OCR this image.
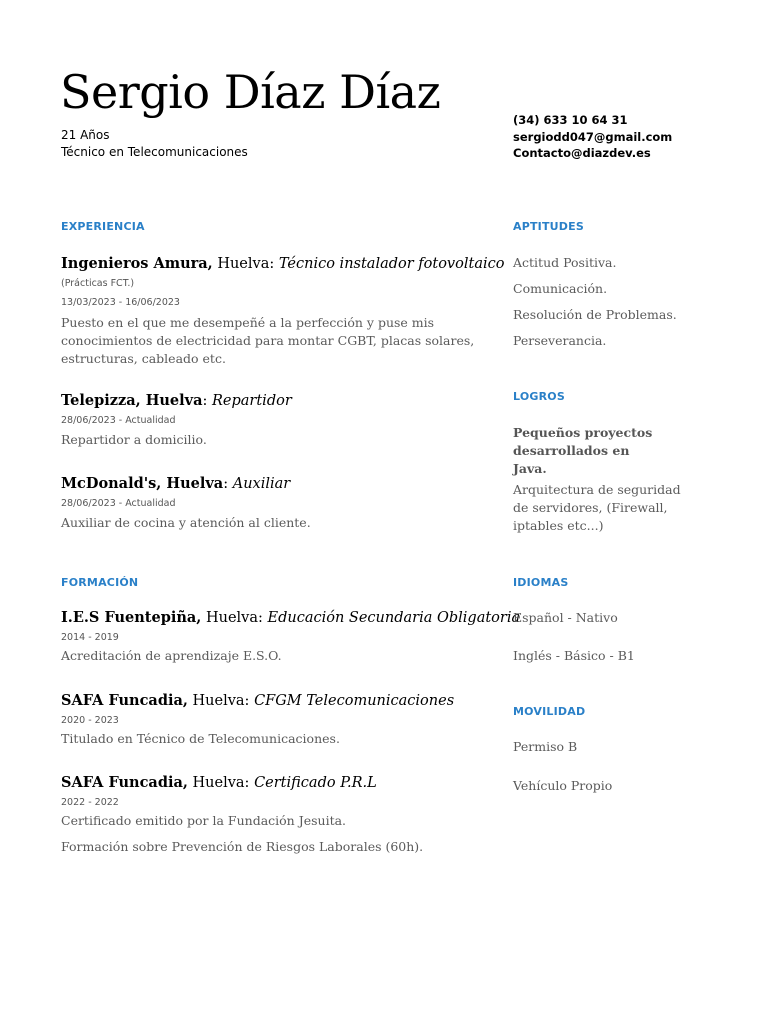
Sergio Díaz Díaz
21 Años
Técnico en Telecomunicaciones
(34) 633 10 64 31
sergiodd047@gmail.com
Contacto@diazdev.es
EXPERIENCIA
Ingenieros Amura, Huelva: Técnico instalador fotovoltaico
(Prácticas FCT.)
13/03/2023 - 16/06/2023
Puesto en el que me desempeñé a la perfección y puse mis conocimientos de electricidad para montar CGBT, placas solares, estructuras, cableado etc.
Telepizza, Huelva: Repartidor
28/06/2023 - Actualidad
Repartidor a domicilio.
McDonald's, Huelva: Auxiliar
28/06/2023 - Actualidad
Auxiliar de cocina y atención al cliente.
FORMACIÓN
I.E.S Fuentepiña, Huelva: Educación Secundaria Obligatoria
2014 - 2019
Acreditación de aprendizaje E.S.O.
SAFA Funcadia, Huelva: CFGM Telecomunicaciones
2020 - 2023
Titulado en Técnico de Telecomunicaciones.
SAFA Funcadia, Huelva: Certificado P.R.L
2022 - 2022
Certificado emitido por la Fundación Jesuita.
Formación sobre Prevención de Riesgos Laborales (60h).
APTITUDES
Actitud Positiva.
Comunicación.
Resolución de Problemas.
Perseverancia.
LOGROS
Pequeños proyectos desarrollados en Java.
Arquitectura de seguridad de servidores, (Firewall, iptables etc...)
IDIOMAS
Español - Nativo
Inglés - Básico - B1
MOVILIDAD
Permiso B
Vehículo Propio
